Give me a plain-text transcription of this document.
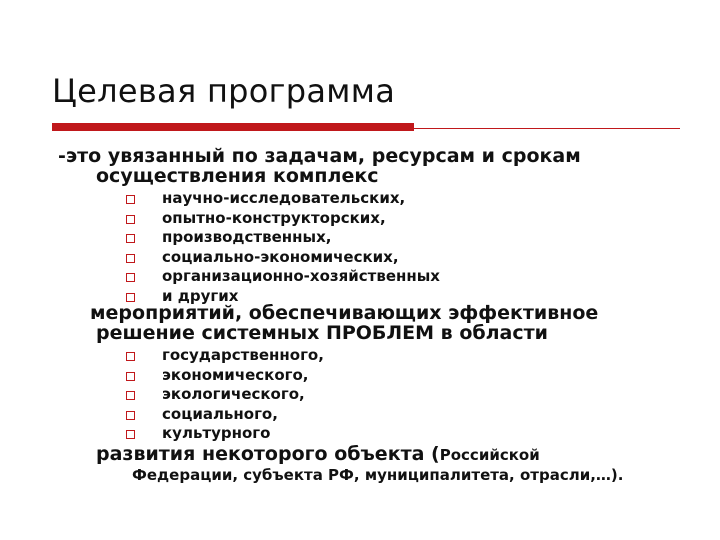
Целевая программа
-это увязанный по задачам, ресурсам и срокам
осуществления комплекс
научно-исследовательских,
опытно-конструкторских,
производственных,
социально-экономических,
организационно-хозяйственных
и других
мероприятий, обеспечивающих эффективное
решение системных ПРОБЛЕМ в области
государственного,
экономического,
экологического,
социального,
культурного
развития некоторого объекта (Российской
Федерации, субъекта РФ, муниципалитета, отрасли,…).
